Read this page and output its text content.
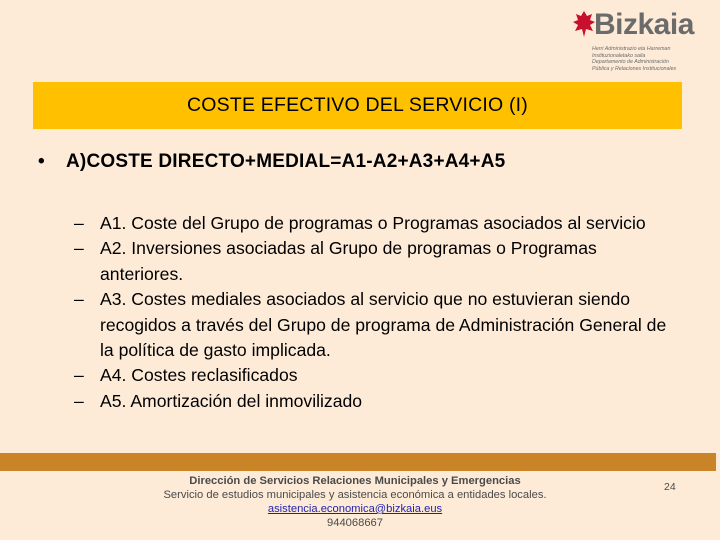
Bizkaia
Herri Administrazio eta Harreman
Instituzionaletako saila
Departamento de Administración
Pública y Relaciones Institucionales
COSTE EFECTIVO DEL SERVICIO (I)
• A)COSTE DIRECTO+MEDIAL=A1-A2+A3+A4+A5
– A1. Coste del Grupo de programas o Programas asociados al servicio
– A2. Inversiones asociadas al Grupo de programas o Programas anteriores.
– A3. Costes mediales asociados al servicio que no estuvieran siendo recogidos a través del Grupo de programa de Administración General de la política de gasto implicada.
– A4. Costes reclasificados
– A5. Amortización del inmovilizado
Dirección de Servicios Relaciones Municipales y Emergencias
Servicio de estudios municipales y asistencia económica a entidades locales.
asistencia.economica@bizkaia.eus
944068667
24
